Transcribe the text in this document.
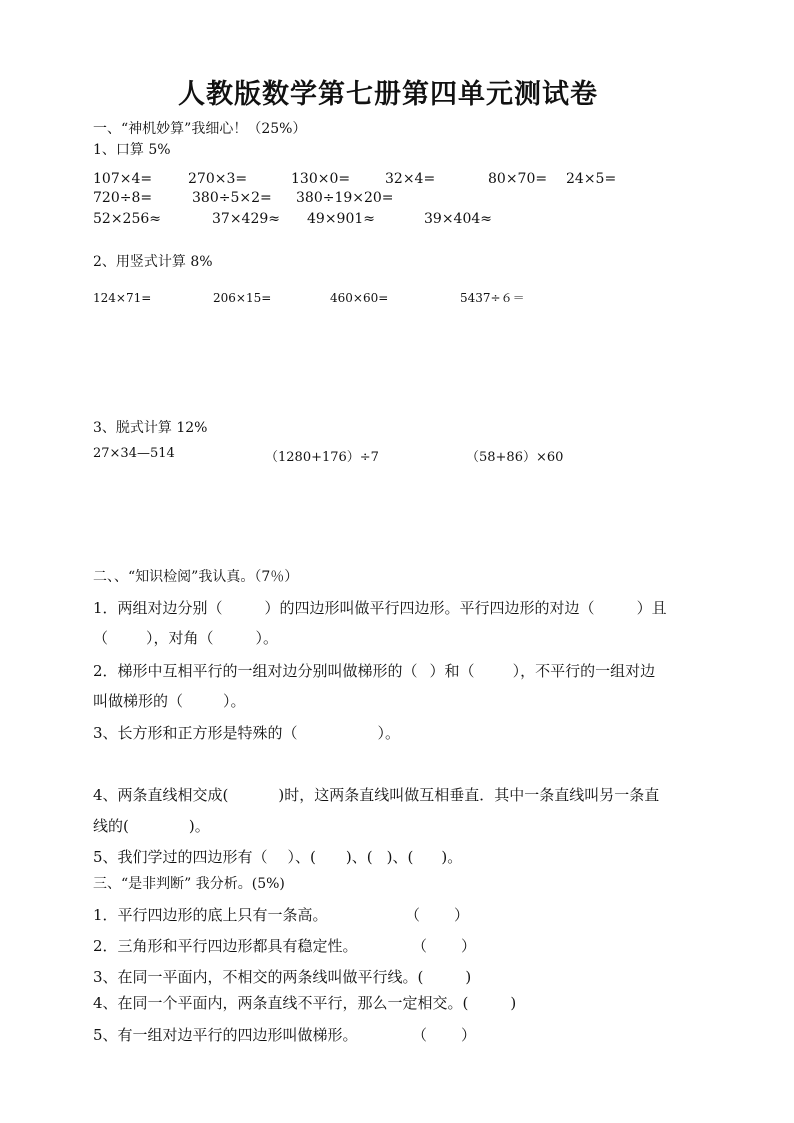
人教版数学第七册第四单元测试卷
一、“神机妙算”我细心！（25%）
1、口算 5%
107×4=	270×3=	130×0= 32×4=	80×70= 24×5=
720÷8=	380÷5×2= 380÷19×20=
52×256≈	37×429≈ 49×901≈	39×404≈
2、用竖式计算 8%
124×71=	206×15=	460×60=	5437÷６＝
3、脱式计算 12%
27×34—514	（1280+176）÷7	（58+86）×60
二、、“知识检阅”我认真。（7％）
1．两组对边分别（	）的四边形叫做平行四边形。平行四边形的对边（	）且
（	），对角（	）。
2．梯形中互相平行的一组对边分别叫做梯形的（ ）和（	），不平行的一组对边
叫做梯形的（	）。
3、长方形和正方形是特殊的（	）。
4、两条直线相交成(	)时，这两条直线叫做互相垂直．其中一条直线叫另一条直
线的(	)。
5、我们学过的四边形有（ ）、( )、( )、( )。
三、“是非判断” 我分析。(5%)
1．平行四边形的底上只有一条高。	（ ）
2．三角形和平行四边形都具有稳定性。	（ ）
3、在同一平面内，不相交的两条线叫做平行线。(	)
4、在同一个平面内，两条直线不平行，那么一定相交。(	)
5、有一组对边平行的四边形叫做梯形。	（ ）
